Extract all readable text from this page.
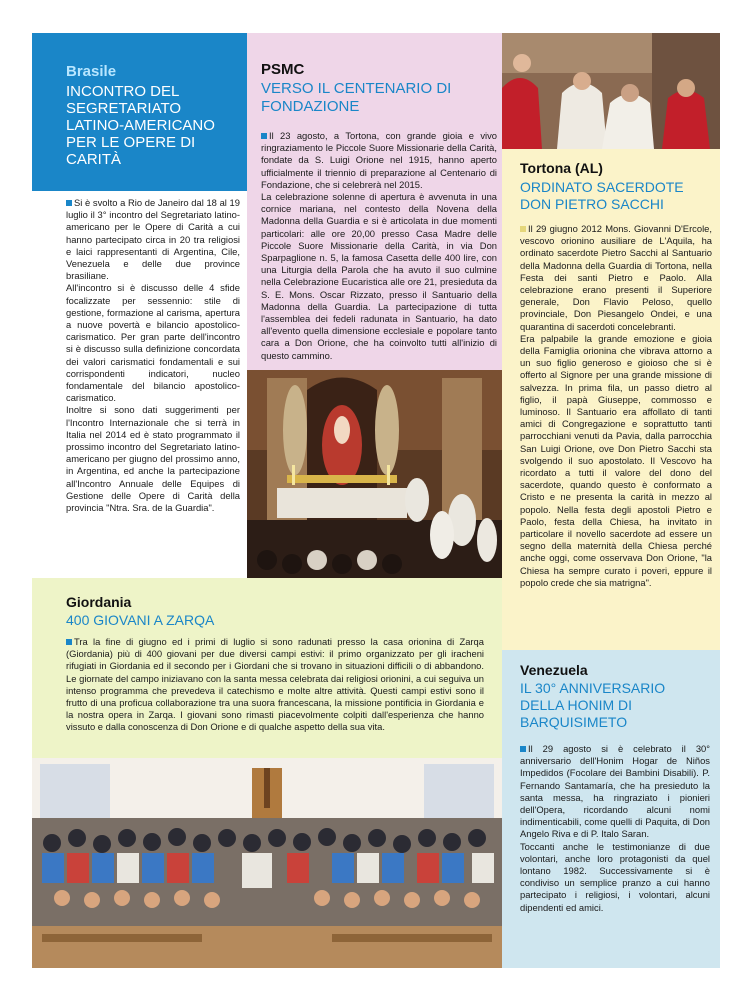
Brasile
INCONTRO DEL SEGRETARIATO LATINO-AMERICANO PER LE OPERE DI CARITÀ

Si è svolto a Rio de Janeiro dal 18 al 19 luglio il 3° incontro del Segretariato latino-americano per le Opere di Carità a cui hanno partecipato circa in 20 tra religiosi e laici rappresentanti di Argentina, Cile, Venezuela e delle due province brasiliane.

All'incontro si è discusso delle 4 sfide focalizzate per sessennio: stile di gestione, formazione al carisma, apertura a nuove povertà e bilancio apostolico-carismatico. Per gran parte dell'incontro si è discusso sulla definizione concordata dei valori carismatici fondamentali e sui corrispondenti indicatori, nucleo fondamentale del bilancio apostolico-carismatico.

Inoltre si sono dati suggerimenti per l'Incontro Internazionale che si terrà in Italia nel 2014 ed è stato programmato il prossimo incontro del Segretariato latino-americano per giugno del prossimo anno, in Argentina, ed anche la partecipazione all'Incontro Annuale delle Equipes di Gestione delle Opere di Carità della provincia "Ntra. Sra. de la Guardia".

PSMC
VERSO IL CENTENARIO DI FONDAZIONE

Il 23 agosto, a Tortona, con grande gioia e vivo ringraziamento le Piccole Suore Missionarie della Carità, fondate da S. Luigi Orione nel 1915, hanno aperto ufficialmente il triennio di preparazione al Centenario di Fondazione, che si celebrerà nel 2015.

La celebrazione solenne di apertura è avvenuta in una cornice mariana, nel contesto della Novena della Madonna della Guardia e si è articolata in due momenti particolari: alle ore 20,00 presso Casa Madre delle Piccole Suore Missionarie della Carità, in via Don Sparpaglione n. 5, la famosa Casetta delle 400 lire, con una Liturgia della Parola che ha avuto il suo culmine nella Celebrazione Eucaristica alle ore 21, presieduta da S. E. Mons. Oscar Rizzato, presso il Santuario della Madonna della Guardia. La partecipazione di tutta l'assemblea dei fedeli radunata in Santuario, ha dato all'evento quella dimensione ecclesiale e popolare tanto cara a Don Orione, che ha coinvolto tutti all'inizio di questo cammino.

Tortona (AL)
ORDINATO SACERDOTE DON PIETRO SACCHI

Il 29 giugno 2012 Mons. Giovanni D'Ercole, vescovo orionino ausiliare de L'Aquila, ha ordinato sacerdote Pietro Sacchi al Santuario della Madonna della Guardia di Tortona, nella Festa dei santi Pietro e Paolo. Alla celebrazione erano presenti il Superiore generale, Don Flavio Peloso, quello provinciale, Don Piesangelo Ondei, e una quarantina di sacerdoti concelebranti.

Era palpabile la grande emozione e gioia della Famiglia orionina che vibrava attorno a un suo figlio generoso e gioioso che si è offerto al Signore per una grande missione di salvezza. In prima fila, un passo dietro al figlio, il papà Giuseppe, commosso e luminoso. Il Santuario era affollato di tanti amici di Congregazione e soprattutto tanti parrocchiani venuti da Pavia, dalla parrocchia San Luigi Orione, ove Don Pietro Sacchi sta svolgendo il suo apostolato. Il Vescovo ha ricordato a tutti il valore del dono del sacerdote, quando questo è conformato a Cristo e ne presenta la carità in mezzo al popolo. Nella festa degli apostoli Pietro e Paolo, festa della Chiesa, ha invitato in particolare il novello sacerdote ad essere un segno della maternità della Chiesa perché anche oggi, come osservava Don Orione, "la Chiesa ha sempre curato i poveri, eppure il popolo crede che sia matrigna".

Giordania
400 GIOVANI A ZARQA

Tra la fine di giugno ed i primi di luglio si sono radunati presso la casa orionina di Zarqa (Giordania) più di 400 giovani per due diversi campi estivi: il primo organizzato per gli iracheni rifugiati in Giordania ed il secondo per i Giordani che si trovano in situazioni difficili o di abbandono. Le giornate del campo iniziavano con la santa messa celebrata dai religiosi orionini, a cui seguiva un intenso programma che prevedeva il catechismo e molte altre attività. Questi campi estivi sono il frutto di una proficua collaborazione tra una suora francescana, la missione pontificia in Giordania e la nostra opera in Zarqa. I giovani sono rimasti piacevolmente colpiti dall'esperienza che hanno vissuto e dalla conoscenza di Don Orione e di qualche aspetto della sua vita.

Venezuela
IL 30° ANNIVERSARIO DELLA HONIM DI BARQUISIMETO

Il 29 agosto si è celebrato il 30° anniversario dell'Honim Hogar de Niños Impedidos (Focolare dei Bambini Disabili). P. Fernando Santamaría, che ha presieduto la santa messa, ha ringraziato i pionieri dell'Opera, ricordando alcuni nomi indimenticabili, come quelli di Paquita, di Don Angelo Riva e di P. Italo Saran.

Toccanti anche le testimonianze di due volontari, anche loro protagonisti da quel lontano 1982. Successivamente si è condiviso un semplice pranzo a cui hanno partecipato i religiosi, i volontari, alcuni dipendenti ed amici.
